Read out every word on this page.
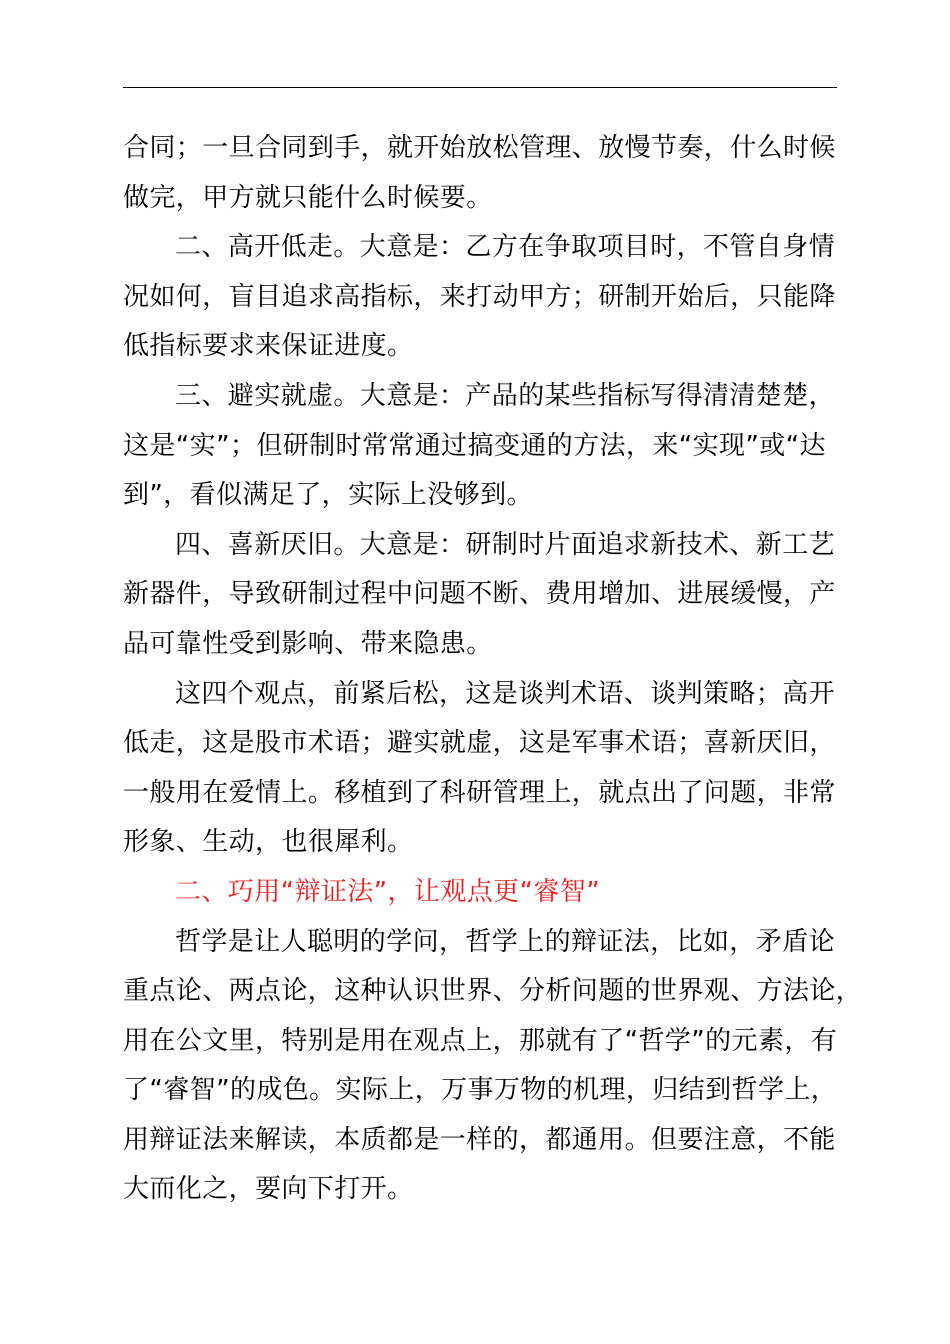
合同；一旦合同到手，就开始放松管理、放慢节奏，什么时候
做完，甲方就只能什么时候要。

二、高开低走。大意是：乙方在争取项目时，不管自身情
况如何，盲目追求高指标，来打动甲方；研制开始后，只能降
低指标要求来保证进度。

三、避实就虚。大意是：产品的某些指标写得清清楚楚，
这是“实”；但研制时常常通过搞变通的方法，来“实现”或“达
到”，看似满足了，实际上没够到。

四、喜新厌旧。大意是：研制时片面追求新技术、新工艺
新器件，导致研制过程中问题不断、费用增加、进展缓慢，产
品可靠性受到影响、带来隐患。

这四个观点，前紧后松，这是谈判术语、谈判策略；高开
低走，这是股市术语；避实就虚，这是军事术语；喜新厌旧，
一般用在爱情上。移植到了科研管理上，就点出了问题，非常
形象、生动，也很犀利。

二、巧用“辩证法”，让观点更“睿智”

哲学是让人聪明的学问，哲学上的辩证法，比如，矛盾论
重点论、两点论，这种认识世界、分析问题的世界观、方法论，
用在公文里，特别是用在观点上，那就有了“哲学”的元素，有
了“睿智”的成色。实际上，万事万物的机理，归结到哲学上，
用辩证法来解读，本质都是一样的，都通用。但要注意，不能
大而化之，要向下打开。
